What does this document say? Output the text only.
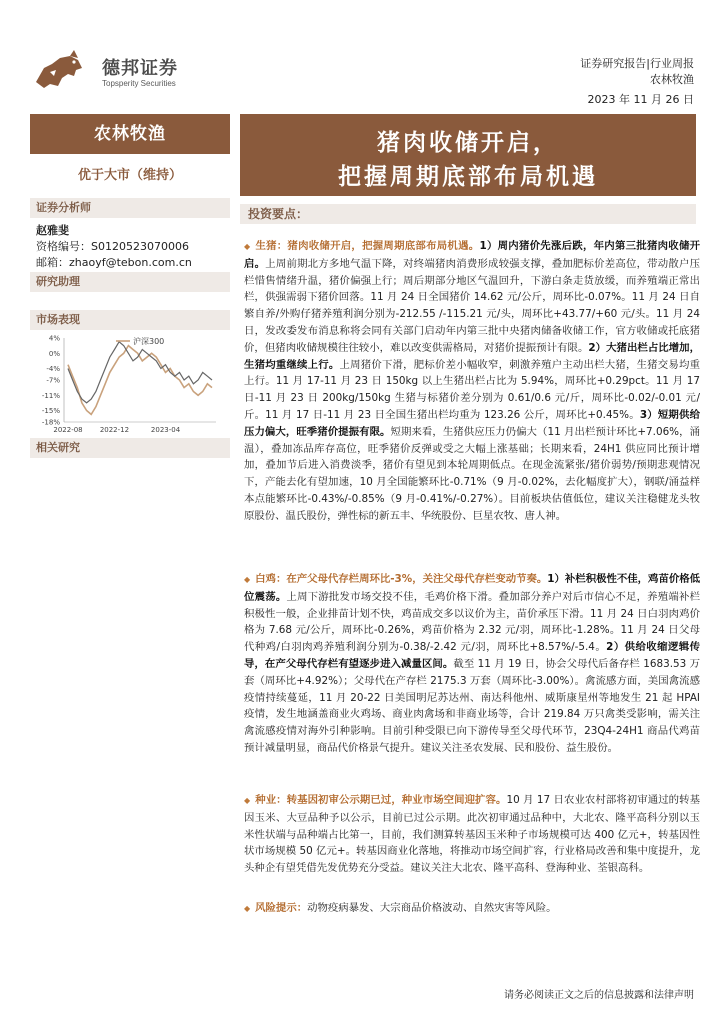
德邦证券
Topsperity Securities
证券研究报告|行业周报
农林牧渔
2023 年 11 月 26 日
农林牧渔
优于大市（维持）
证券分析师
赵雅斐
资格编号：S0120523070006
邮箱：zhaoyf@tebon.com.cn
研究助理
市场表现
4%
0%
-4%
-7%
-11%
-15%
-18%
2022-08 2022-12	2023-04
沪深300
相关研究
猪肉收储开启，
把握周期底部布局机遇
投资要点：
◆ 生猪：猪肉收储开启，把握周期底部布局机遇。1）周内猪价先涨后跌，年内第三批猪肉收储开启。上周前期北方多地气温下降，对终端猪肉消费形成较强支撑，叠加肥标价差高位，带动散户压栏惜售情绪升温，猪价偏强上行；周后期部分地区气温回升，下游白条走货放缓，而养殖端正常出栏，供强需弱下猪价回落。11 月 24 日全国猪价 14.62 元/公斤，周环比-0.07%。11 月 24 日自繁自养/外购仔猪养殖利润分别为-212.55 /-115.21 元/头，周环比+43.77/+60 元/头。11 月 24 日，发改委发布消息称将会同有关部门启动年内第三批中央猪肉储备收储工作，官方收储或托底猪价，但猪肉收储规模往往较小，难以改变供需格局，对猪价提振预计有限。2）大猪出栏占比增加，生猪均重继续上行。上周猪价下滑，肥标价差小幅收窄，刺激养殖户主动出栏大猪，生猪交易均重上行。11 月 17-11 月 23 日 150kg 以上生猪出栏占比为 5.94%，周环比+0.29pct。11 月 17 日-11 月 23 日 200kg/150kg 生猪与标猪价差分别为 0.61/0.6 元/斤，周环比-0.02/-0.01 元/斤。11 月 17 日-11 月 23 日全国生猪出栏均重为 123.26 公斤，周环比+0.45%。3）短期供给压力偏大，旺季猪价提振有限。短期来看，生猪供应压力仍偏大（11 月出栏预计环比+7.06%，涌温），叠加冻品库存高位，旺季猪价反弹或受之大幅上涨基础；长期来看，24H1 供应同比预计增加，叠加节后进入消费淡季，猪价有望见到本轮周期低点。在现金流紧张/猪价弱势/预期悲观情况下，产能去化有望加速，10 月全国能繁环比-0.71%（9 月-0.02%，去化幅度扩大），钢联/涌益样本点能繁环比-0.43%/-0.85%（9 月-0.41%/-0.27%）。目前板块估值低位，建议关注稳健龙头牧原股份、温氏股份，弹性标的新五丰、华统股份、巨星农牧、唐人神。
◆ 白鸡：在产父母代存栏周环比-3%，关注父母代存栏变动节奏。1）补栏积极性不佳，鸡苗价格低位震荡。上周下游批发市场交投不佳，毛鸡价格下滑。叠加部分养户对后市信心不足，养殖端补栏积极性一般，企业排苗计划不快，鸡苗成交多以议价为主，苗价承压下滑。11 月 24 日白羽肉鸡价格为 7.68 元/公斤，周环比-0.26%，鸡苗价格为 2.32 元/羽，周环比-1.28%。11 月 24 日父母代种鸡/白羽肉鸡养殖利润分别为-0.38/-2.42 元/羽，周环比+8.57%/-5.4。2）供给收缩逻辑传导，在产父母代存栏有望逐步进入减量区间。截至 11 月 19 日，协会父母代后备存栏 1683.53 万套（周环比+4.92%）；父母代在产存栏 2175.3 万套（周环比-3.00%）。禽流感方面，美国禽流感疫情持续蔓延，11 月 20-22 日美国明尼苏达州、南达科他州、威斯康星州等地发生 21 起 HPAI 疫情，发生地涵盖商业火鸡场、商业肉禽场和非商业场等，合计 219.84 万只禽类受影响，需关注禽流感疫情对海外引种影响。目前引种受限已向下游传导至父母代环节，23Q4-24H1 商品代鸡苗预计减量明显，商品代价格景气提升。建议关注圣农发展、民和股份、益生股份。
◆ 种业：转基因初审公示期已过，种业市场空间迎扩容。10 月 17 日农业农村部将初审通过的转基因玉米、大豆品种予以公示，目前已过公示期。此次初审通过品种中，大北农、隆平高科分别以玉米性状端与品种端占比第一，目前，我们测算转基因玉米种子市场规模可达 400 亿元+，转基因性状市场规模 50 亿元+。转基因商业化落地，将推动市场空间扩容，行业格局改善和集中度提升，龙头种企有望凭借先发优势充分受益。建议关注大北农、隆平高科、登海种业、荃银高科。
◆ 风险提示：动物疫病暴发、大宗商品价格波动、自然灾害等风险。
请务必阅读正文之后的信息披露和法律声明
